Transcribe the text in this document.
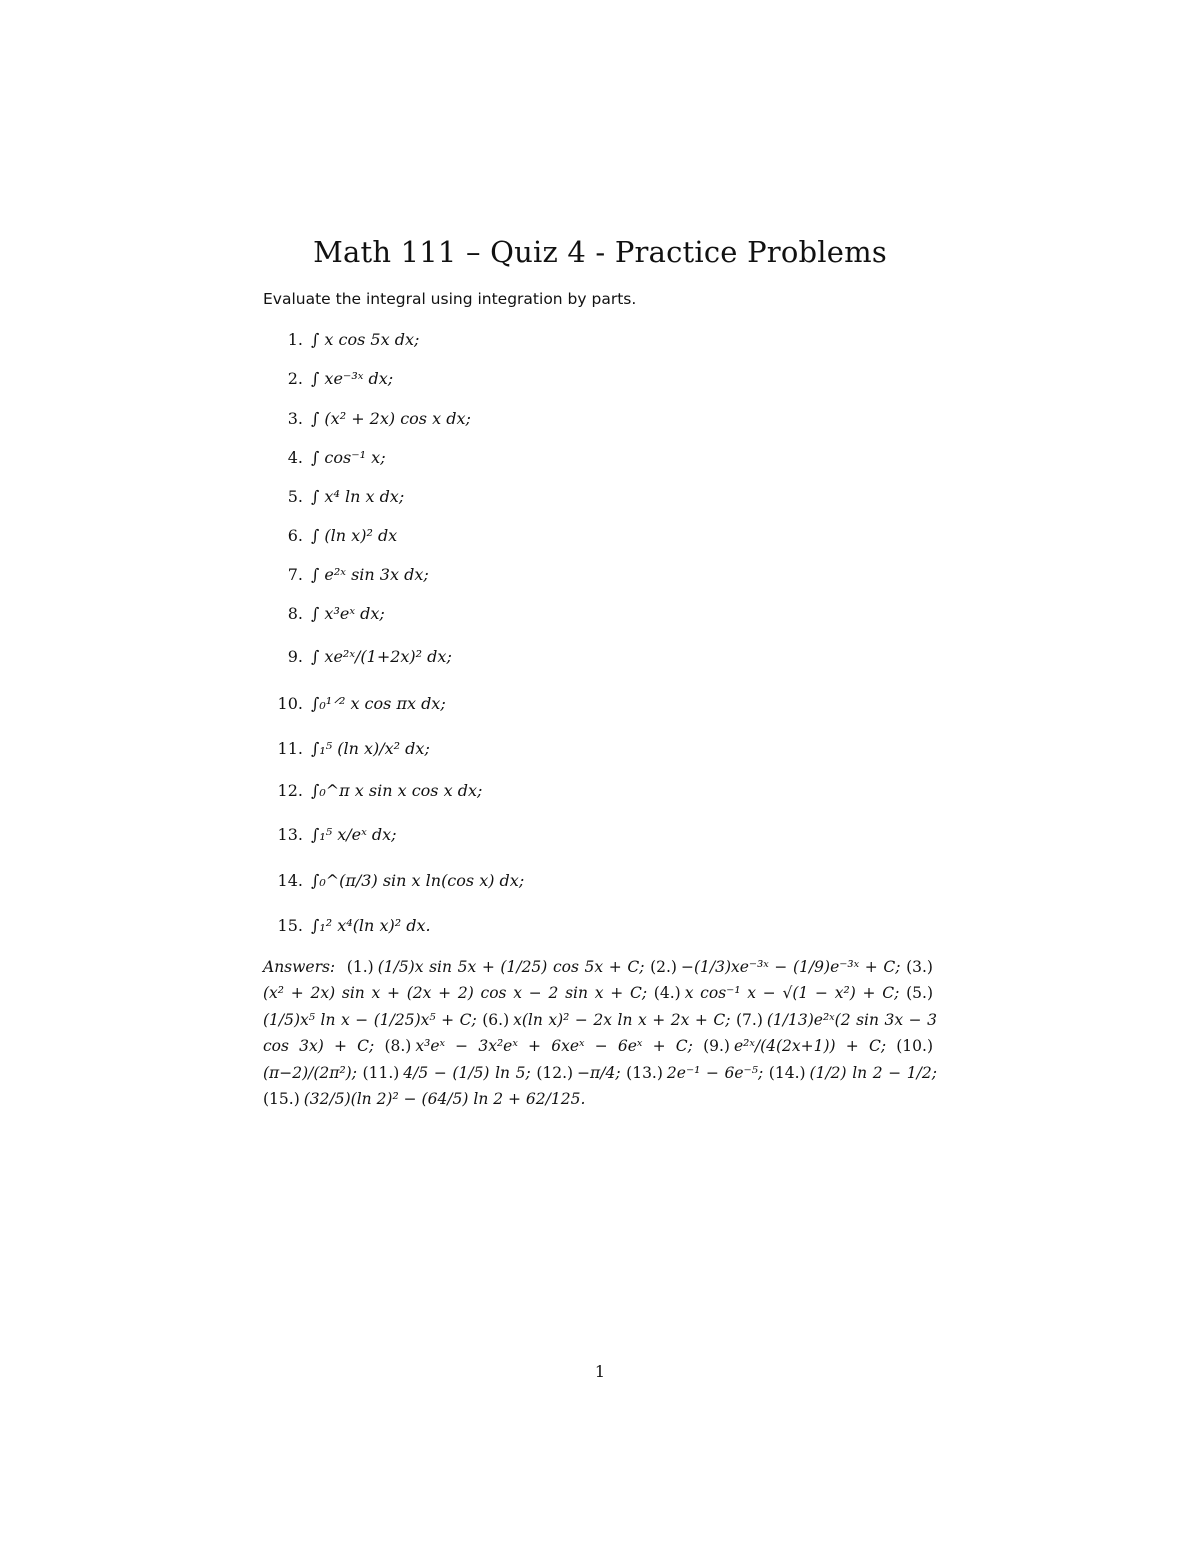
Math 111 – Quiz 4 - Practice Problems
Evaluate the integral using integration by parts.
1. ∫ x cos 5x dx;
2. ∫ xe⁻³ˣ dx;
3. ∫ (x² + 2x) cos x dx;
4. ∫ cos⁻¹ x;
5. ∫ x⁴ ln x dx;
6. ∫ (ln x)² dx
7. ∫ e²ˣ sin 3x dx;
8. ∫ x³eˣ dx;
9. ∫ xe²ˣ/(1+2x)² dx;
10. ∫₀¹ᐟ² x cos πx dx;
11. ∫₁⁵ (ln x)/x² dx;
12. ∫₀^π x sin x cos x dx;
13. ∫₁⁵ x/eˣ dx;
14. ∫₀^(π/3) sin x ln(cos x) dx;
15. ∫₁² x⁴(ln x)² dx.
Answers: (1.) (1/5)x sin 5x + (1/25) cos 5x + C; (2.) −(1/3)xe⁻³ˣ − (1/9)e⁻³ˣ + C; (3.)(x² + 2x) sin x + (2x + 2) cos x − 2 sin x + C; (4.) x cos⁻¹ x − √(1 − x²) + C; (5.)(1/5)x⁵ ln x − (1/25)x⁵ + C; (6.) x(ln x)² − 2x ln x + 2x + C; (7.) (1/13)e²ˣ(2 sin 3x − 3 cos 3x) + C; (8.) x³eˣ − 3x²eˣ + 6xeˣ − 6eˣ + C; (9.) e²ˣ/(4(2x+1)) + C; (10.)(π−2)/(2π²); (11.) 4/5 − (1/5) ln 5; (12.) −π/4; (13.) 2e⁻¹ − 6e⁻⁵; (14.) (1/2) ln 2 − 1/2; (15.) (32/5)(ln 2)² − (64/5) ln 2 + 62/125.
1
